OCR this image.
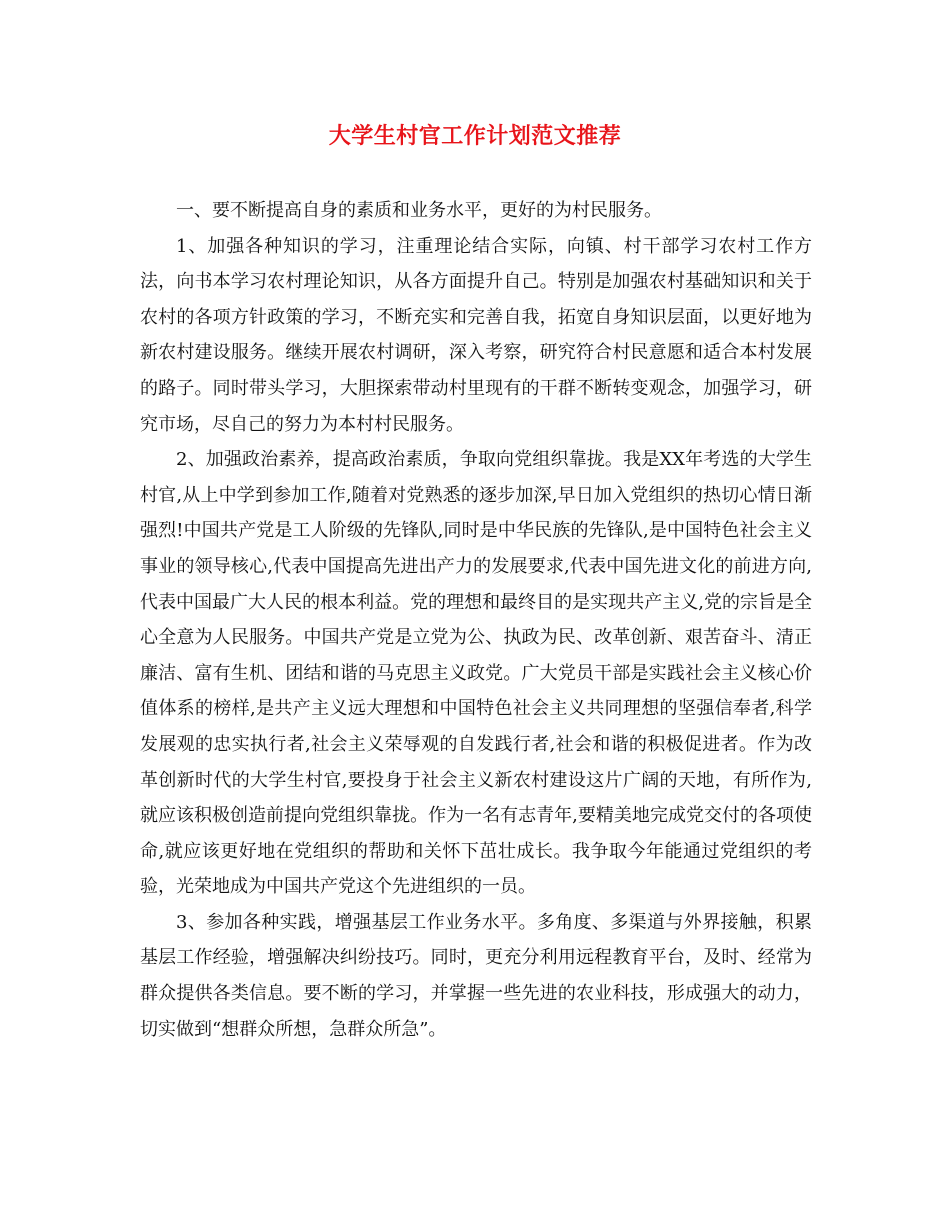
大学生村官工作计划范文推荐

一、要不断提高自身的素质和业务水平，更好的为村民服务。

1、加强各种知识的学习，注重理论结合实际，向镇、村干部学习农村工作方法，向书本学习农村理论知识，从各方面提升自己。特别是加强农村基础知识和关于农村的各项方针政策的学习，不断充实和完善自我，拓宽自身知识层面，以更好地为新农村建设服务。继续开展农村调研，深入考察，研究符合村民意愿和适合本村发展的路子。同时带头学习，大胆探索带动村里现有的干群不断转变观念，加强学习，研究市场，尽自己的努力为本村村民服务。

2、加强政治素养，提高政治素质，争取向党组织靠拢。我是XX年考选的大学生村官,从上中学到参加工作,随着对党熟悉的逐步加深,早日加入党组织的热切心情日渐强烈!中国共产党是工人阶级的先锋队,同时是中华民族的先锋队,是中国特色社会主义事业的领导核心,代表中国提高先进出产力的发展要求,代表中国先进文化的前进方向,代表中国最广大人民的根本利益。党的理想和最终目的是实现共产主义,党的宗旨是全心全意为人民服务。中国共产党是立党为公、执政为民、改革创新、艰苦奋斗、清正廉洁、富有生机、团结和谐的马克思主义政党。广大党员干部是实践社会主义核心价值体系的榜样,是共产主义远大理想和中国特色社会主义共同理想的坚强信奉者,科学发展观的忠实执行者,社会主义荣辱观的自发践行者,社会和谐的积极促进者。作为改革创新时代的大学生村官,要投身于社会主义新农村建设这片广阔的天地，有所作为,就应该积极创造前提向党组织靠拢。作为一名有志青年,要精美地完成党交付的各项使命,就应该更好地在党组织的帮助和关怀下茁壮成长。我争取今年能通过党组织的考验，光荣地成为中国共产党这个先进组织的一员。

3、参加各种实践，增强基层工作业务水平。多角度、多渠道与外界接触，积累基层工作经验，增强解决纠纷技巧。同时，更充分利用远程教育平台，及时、经常为群众提供各类信息。要不断的学习，并掌握一些先进的农业科技，形成强大的动力，切实做到“想群众所想，急群众所急”。
